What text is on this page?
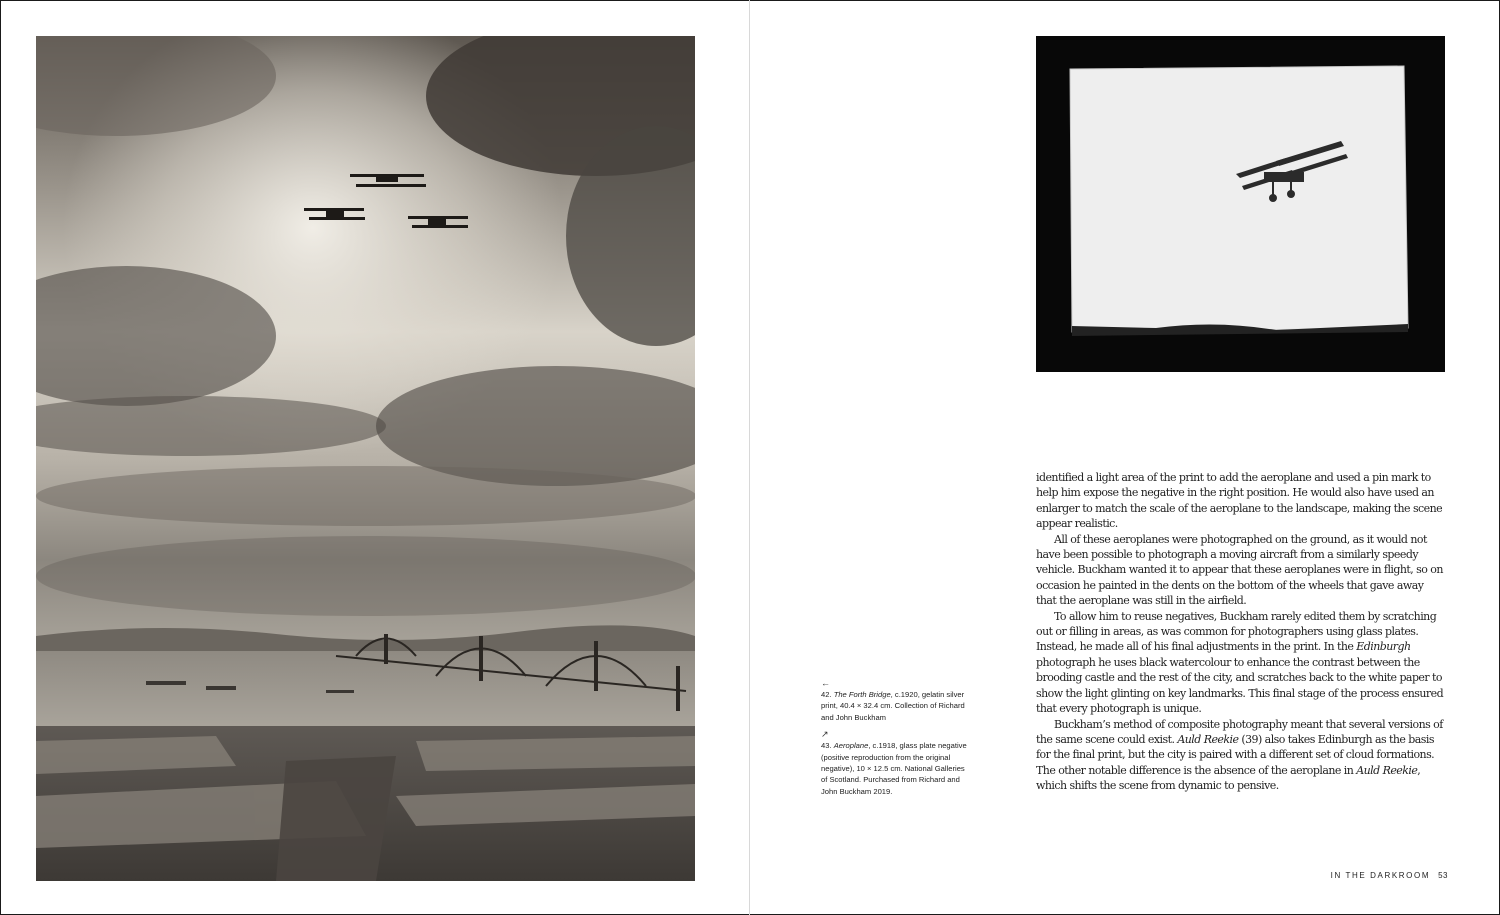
←

42. The Forth Bridge, c.1920, gelatin silver print, 40.4 × 32.4 cm. Collection of Richard and John Buckham

↗

43. Aeroplane, c.1918, glass plate negative (positive reproduction from the original negative), 10 × 12.5 cm. National Galleries of Scotland. Purchased from Richard and John Buckham 2019.

identified a light area of the print to add the aeroplane and used a pin mark to help him expose the negative in the right position. He would also have used an enlarger to match the scale of the aeroplane to the landscape, making the scene appear realistic.

All of these aeroplanes were photographed on the ground, as it would not have been possible to photograph a moving aircraft from a similarly speedy vehicle. Buckham wanted it to appear that these aeroplanes were in flight, so on occasion he painted in the dents on the bottom of the wheels that gave away that the aeroplane was still in the airfield.

To allow him to reuse negatives, Buckham rarely edited them by scratching out or filling in areas, as was common for photographers using glass plates. Instead, he made all of his final adjustments in the print. In the Edinburgh photograph he uses black watercolour to enhance the contrast between the brooding castle and the rest of the city, and scratches back to the white paper to show the light glinting on key landmarks. This final stage of the process ensured that every photograph is unique.

Buckham’s method of composite photography meant that several versions of the same scene could exist. Auld Reekie (39) also takes Edinburgh as the basis for the final print, but the city is paired with a different set of cloud formations. The other notable difference is the absence of the aeroplane in Auld Reekie, which shifts the scene from dynamic to pensive.

IN THE DARKROOM 53
